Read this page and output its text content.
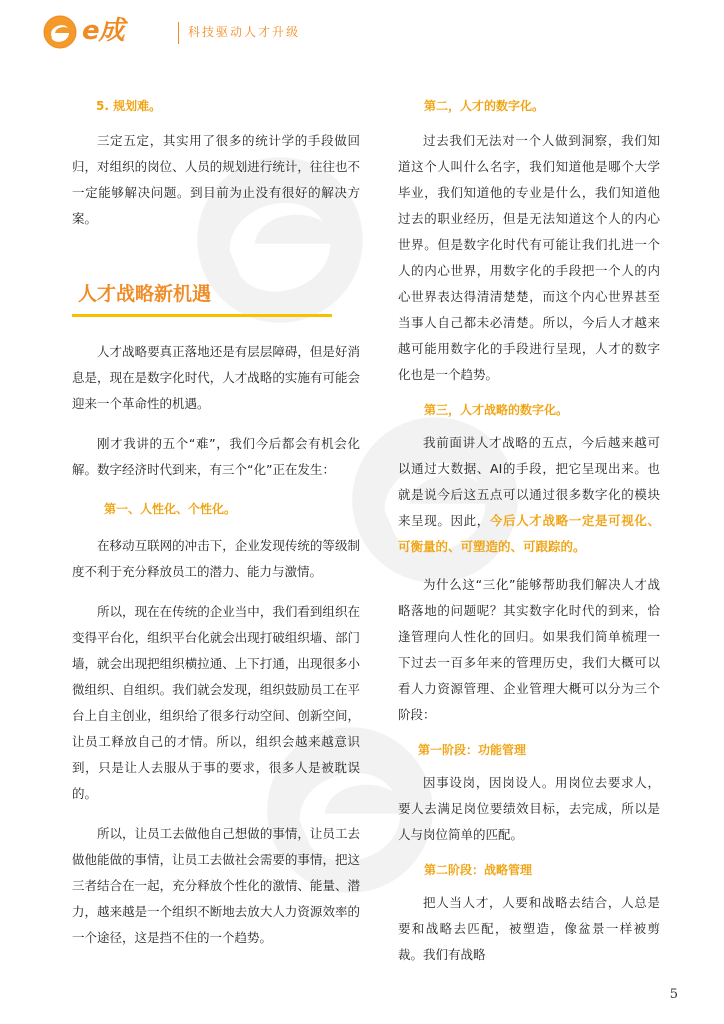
e成	科技驱动人才升级

5. 规划难。

三定五定，其实用了很多的统计学的手段做回归，对组织的岗位、人员的规划进行统计，往往也不一定能够解决问题。到目前为止没有很好的解决方案。

人才战略新机遇

人才战略要真正落地还是有层层障碍，但是好消息是，现在是数字化时代，人才战略的实施有可能会迎来一个革命性的机遇。

刚才我讲的五个“难”，我们今后都会有机会化解。数字经济时代到来，有三个“化”正在发生：

第一、人性化、个性化。

在移动互联网的冲击下，企业发现传统的等级制度不利于充分释放员工的潜力、能力与激情。

所以，现在在传统的企业当中，我们看到组织在变得平台化，组织平台化就会出现打破组织墙、部门墙，就会出现把组织横拉通、上下打通，出现很多小微组织、自组织。我们就会发现，组织鼓励员工在平台上自主创业，组织给了很多行动空间、创新空间，让员工释放自己的才情。所以，组织会越来越意识到，只是让人去服从于事的要求，很多人是被耽误的。

所以，让员工去做他自己想做的事情，让员工去做他能做的事情，让员工去做社会需要的事情，把这三者结合在一起，充分释放个性化的激情、能量、潜力，越来越是一个组织不断地去放大人力资源效率的一个途径，这是挡不住的一个趋势。

第二，人才的数字化。

过去我们无法对一个人做到洞察，我们知道这个人叫什么名字，我们知道他是哪个大学毕业，我们知道他的专业是什么，我们知道他过去的职业经历，但是无法知道这个人的内心世界。但是数字化时代有可能让我们扎进一个人的内心世界，用数字化的手段把一个人的内心世界表达得清清楚楚，而这个内心世界甚至当事人自己都未必清楚。所以，今后人才越来越可能用数字化的手段进行呈现，人才的数字化也是一个趋势。

第三，人才战略的数字化。

我前面讲人才战略的五点，今后越来越可以通过大数据、AI的手段，把它呈现出来。也就是说今后这五点可以通过很多数字化的模块来呈现。因此，今后人才战略一定是可视化、可衡量的、可塑造的、可跟踪的。

为什么这“三化”能够帮助我们解决人才战略落地的问题呢？其实数字化时代的到来，恰逢管理向人性化的回归。如果我们简单梳理一下过去一百多年来的管理历史，我们大概可以看人力资源管理、企业管理大概可以分为三个阶段：

第一阶段：功能管理

因事设岗，因岗设人。用岗位去要求人，要人去满足岗位要绩效目标，去完成，所以是人与岗位简单的匹配。

第二阶段：战略管理

把人当人才，人要和战略去结合，人总是要和战略去匹配，被塑造，像盆景一样被剪裁。我们有战略

5
